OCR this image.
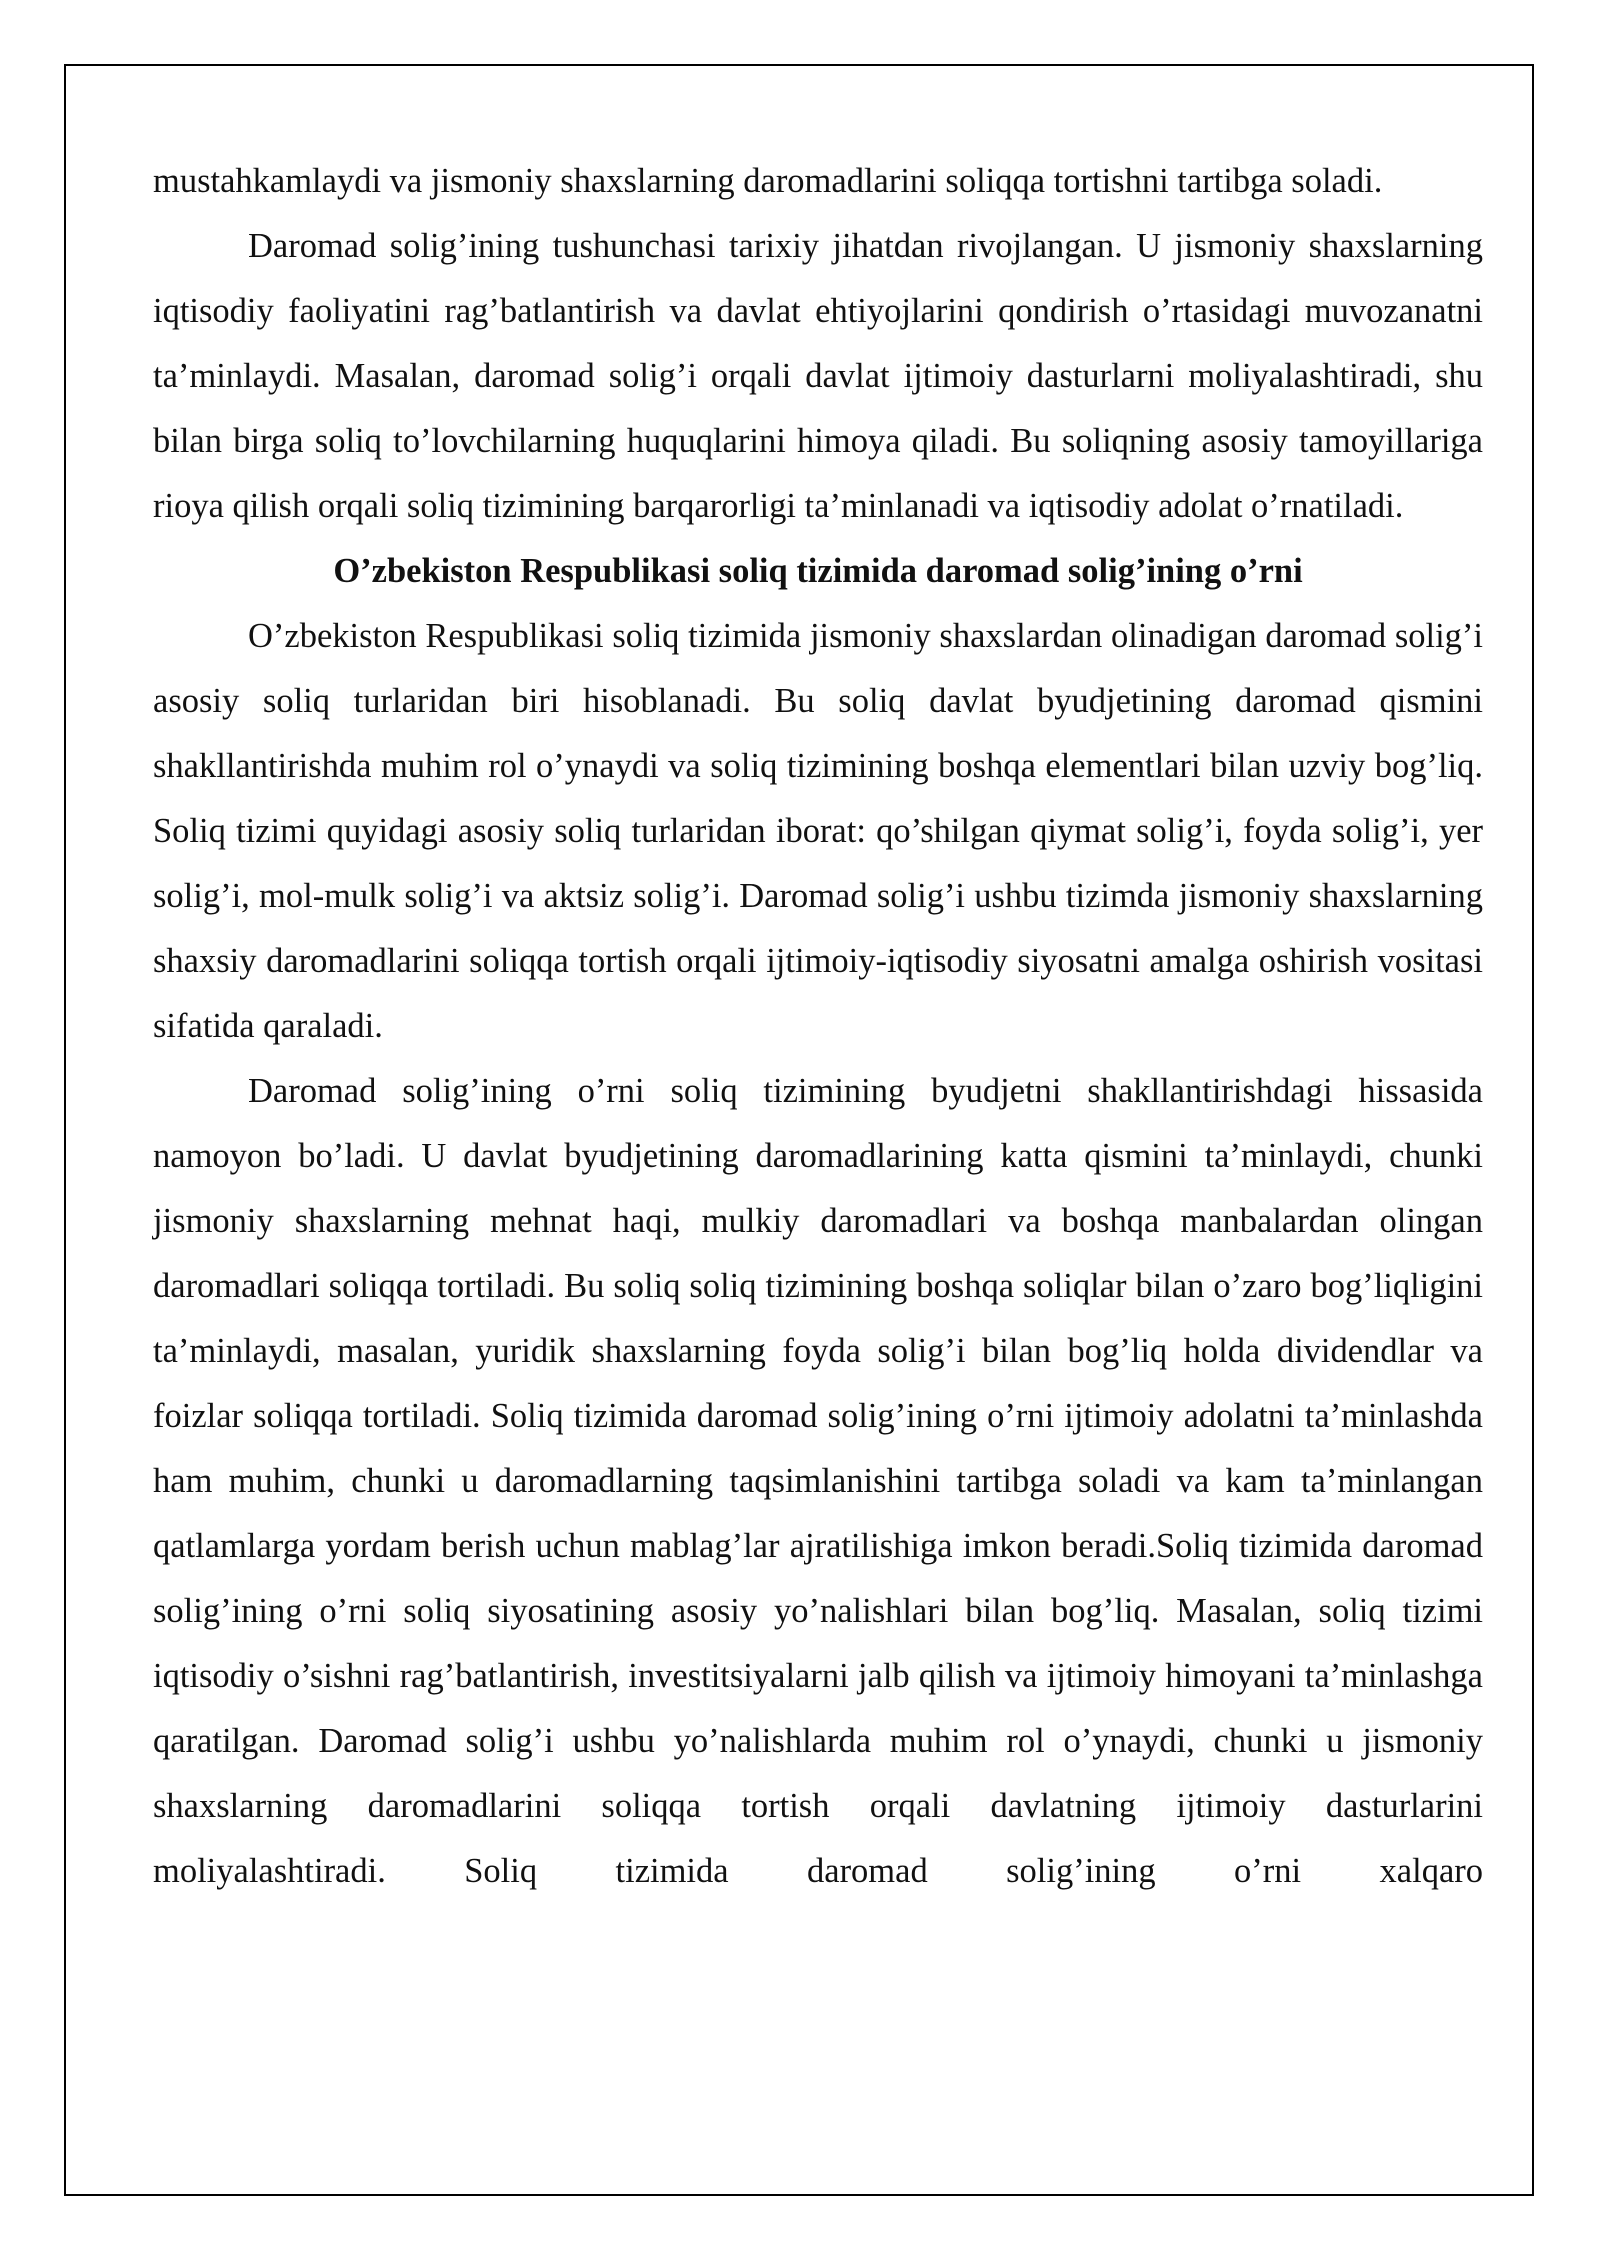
mustahkamlaydi va jismoniy shaxslarning daromadlarini soliqqa tortishni tartibga soladi.

Daromad solig’ining tushunchasi tarixiy jihatdan rivojlangan. U jismoniy shaxslarning iqtisodiy faoliyatini rag’batlantirish va davlat ehtiyojlarini qondirish o’rtasidagi muvozanatni ta’minlaydi. Masalan, daromad solig’i orqali davlat ijtimoiy dasturlarni moliyalashtiradi, shu bilan birga soliq to’lovchilarning huquqlarini himoya qiladi. Bu soliqning asosiy tamoyillariga rioya qilish orqali soliq tizimining barqarorligi ta’minlanadi va iqtisodiy adolat o’rnatiladi.

O’zbekiston Respublikasi soliq tizimida daromad solig’ining o’rni

O’zbekiston Respublikasi soliq tizimida jismoniy shaxslardan olinadigan daromad solig’i asosiy soliq turlaridan biri hisoblanadi. Bu soliq davlat byudjetining daromad qismini shakllantirishda muhim rol o’ynaydi va soliq tizimining boshqa elementlari bilan uzviy bog’liq. Soliq tizimi quyidagi asosiy soliq turlaridan iborat: qo’shilgan qiymat solig’i, foyda solig’i, yer solig’i, mol-mulk solig’i va aktsiz solig’i. Daromad solig’i ushbu tizimda jismoniy shaxslarning shaxsiy daromadlarini soliqqa tortish orqali ijtimoiy-iqtisodiy siyosatni amalga oshirish vositasi sifatida qaraladi.

Daromad solig’ining o’rni soliq tizimining byudjetni shakllantirishdagi hissasida namoyon bo’ladi. U davlat byudjetining daromadlarining katta qismini ta’minlaydi, chunki jismoniy shaxslarning mehnat haqi, mulkiy daromadlari va boshqa manbalardan olingan daromadlari soliqqa tortiladi. Bu soliq soliq tizimining boshqa soliqlar bilan o’zaro bog’liqligini ta’minlaydi, masalan, yuridik shaxslarning foyda solig’i bilan bog’liq holda dividendlar va foizlar soliqqa tortiladi. Soliq tizimida daromad solig’ining o’rni ijtimoiy adolatni ta’minlashda ham muhim, chunki u daromadlarning taqsimlanishini tartibga soladi va kam ta’minlangan qatlamlarga yordam berish uchun mablag’lar ajratilishiga imkon beradi.Soliq tizimida daromad solig’ining o’rni soliq siyosatining asosiy yo’nalishlari bilan bog’liq. Masalan, soliq tizimi iqtisodiy o’sishni rag’batlantirish, investitsiyalarni jalb qilish va ijtimoiy himoyani ta’minlashga qaratilgan. Daromad solig’i ushbu yo’nalishlarda muhim rol o’ynaydi, chunki u jismoniy shaxslarning daromadlarini soliqqa tortish orqali davlatning ijtimoiy dasturlarini moliyalashtiradi. Soliq tizimida daromad solig’ining o’rni xalqaro
